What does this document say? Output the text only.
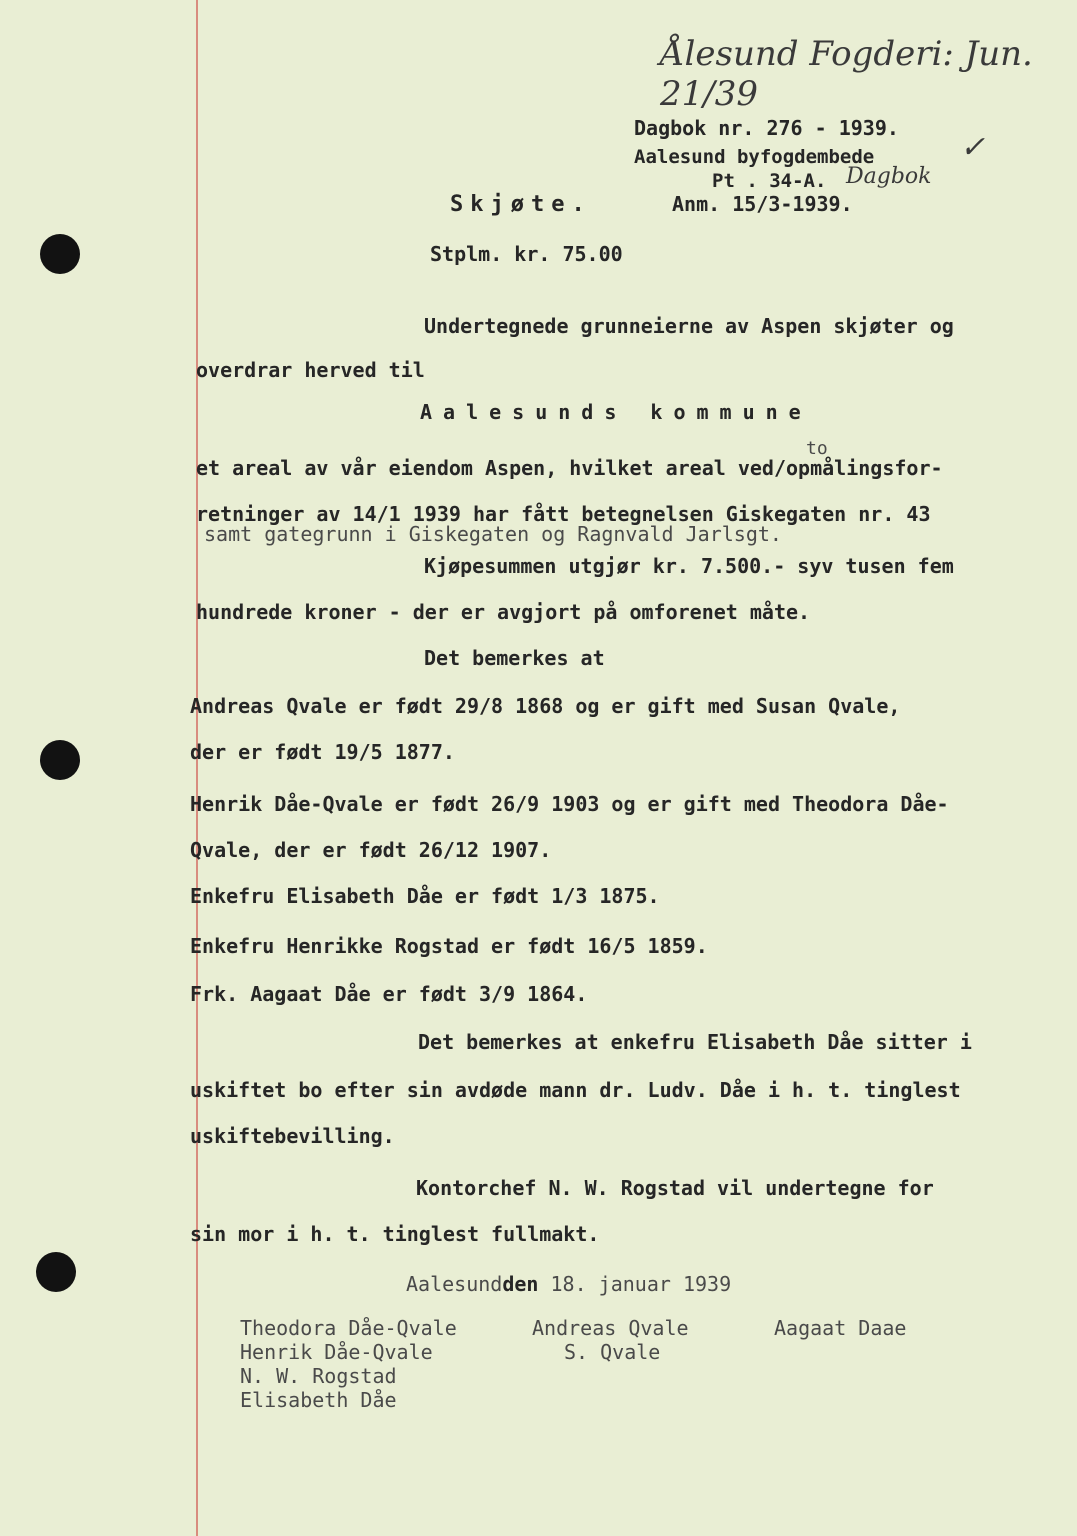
Ålesund Fogderi: Jun. 21/39
Dagbok nr. 276 - 1939.
Aalesund byfogdembede
Pt . 34-A. Dagbok
Anm. 15/3-1939.
✓
Skjøte.
Stplm. kr. 75.00
Undertegnede grunneierne av Aspen skjøter og
overdrar herved til
Aalesunds kommune
to
et areal av vår eiendom Aspen, hvilket areal ved/opmålingsfor-
retninger av 14/1 1939 har fått betegnelsen Giskegaten nr. 43
samt gategrunn i Giskegaten og Ragnvald Jarlsgt.
Kjøpesummen utgjør kr. 7.500.- syv tusen fem
hundrede kroner - der er avgjort på omforenet måte.
Det bemerkes at
Andreas Qvale er født 29/8 1868 og er gift med Susan Qvale,
der er født 19/5 1877.
Henrik Dåe-Qvale er født 26/9 1903 og er gift med Theodora Dåe-
Qvale, der er født 26/12 1907.
Enkefru Elisabeth Dåe er født 1/3 1875.
Enkefru Henrikke Rogstad er født 16/5 1859.
Frk. Aagaat Dåe er født 3/9 1864.
Det bemerkes at enkefru Elisabeth Dåe sitter i
uskiftet bo efter sin avdøde mann dr. Ludv. Dåe i h. t. tinglest
uskiftebevilling.
Kontorchef N. W. Rogstad vil undertegne for
sin mor i h. t. tinglest fullmakt.
Aalesundden 18. januar 1939
Theodora Dåe-Qvale
Henrik Dåe-Qvale
N. W. Rogstad
Elisabeth Dåe
Andreas Qvale
S. Qvale
Aagaat Daae
